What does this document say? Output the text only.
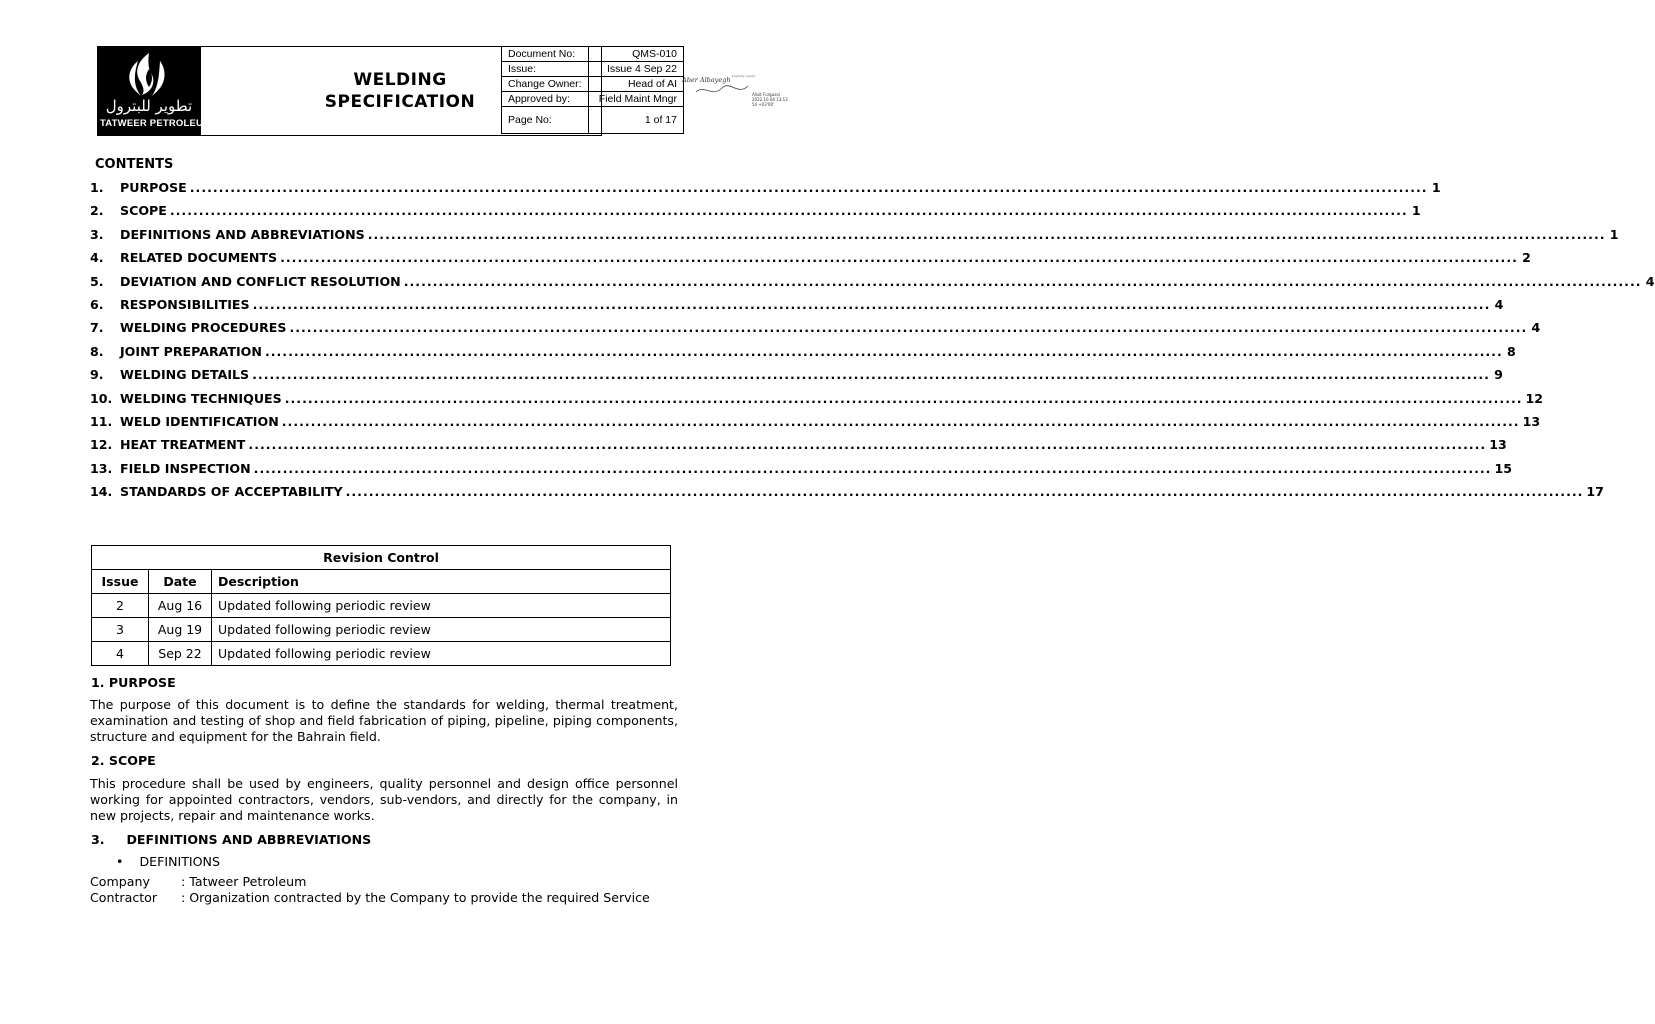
تطوير للبترول
TATWEER PETROLEUM
WELDING
SPECIFICATION
Document No:	QMS-010
Issue:	Issue 4 Sep 22
Change Owner:	Head of AI
Approved by:	Field Maint Mngr
Page No:	1 of 17
Aber Albayegh Digitally signed
Alisit Furgusoi
2022.10.04 13:13
54 +03'00'
CONTENTS
1.	PURPOSE .....	1
2.	SCOPE .....	1
3.	DEFINITIONS AND ABBREVIATIONS .....	1
4.	RELATED DOCUMENTS .....	2
5.	DEVIATION AND CONFLICT RESOLUTION .....	4
6.	RESPONSIBILITIES .....	4
7.	WELDING PROCEDURES .....	4
8.	JOINT PREPARATION .....	8
9.	WELDING DETAILS .....	9
10. WELDING TECHNIQUES .....	12
11. WELD IDENTIFICATION .....	13
12. HEAT TREATMENT .....	13
13. FIELD INSPECTION .....	15
14. STANDARDS OF ACCEPTABILITY .....	17
Revision Control		
Issue	Date	Description
2	Aug 16	Updated following periodic review
3	Aug 19	Updated following periodic review
4	Sep 22	Updated following periodic review
1. PURPOSE
The purpose of this document is to define the standards for welding, thermal treatment, examination and testing of shop and field fabrication of piping, pipeline, piping components, structure and equipment for the Bahrain field.
2. SCOPE
This procedure shall be used by engineers, quality personnel and design office personnel working for appointed contractors, vendors, sub-vendors, and directly for the company, in new projects, repair and maintenance works.
3.     DEFINITIONS AND ABBREVIATIONS
•    DEFINITIONS
Company : Tatweer Petroleum
Contractor : Organization contracted by the Company to provide the required Service
